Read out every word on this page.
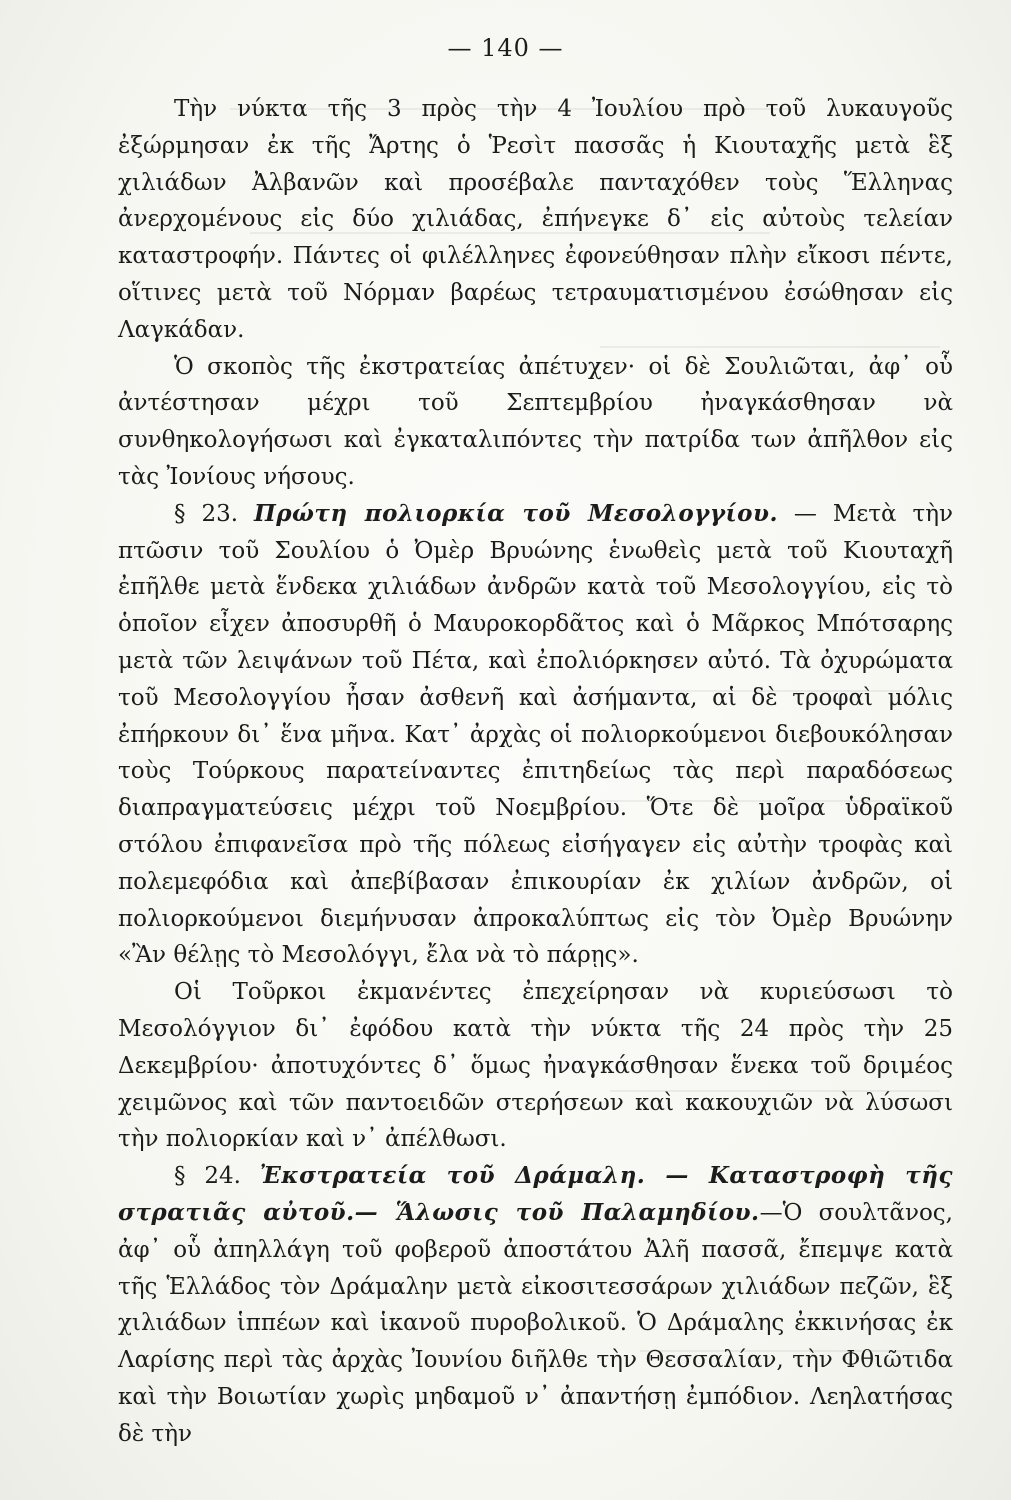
— 140 —

Τὴν νύκτα τῆς 3 πρὸς τὴν 4 Ἰουλίου πρὸ τοῦ λυκαυγοῦς ἐξώρμησαν ἐκ τῆς Ἄρτης ὁ Ῥεσὶτ πασσᾶς ἡ Κιουταχῆς μετὰ ἓξ χιλιάδων Ἀλβανῶν καὶ προσέβαλε πανταχόθεν τοὺς Ἕλληνας ἀνερχομένους εἰς δύο χιλιάδας, ἐπήνεγκε δ᾿ εἰς αὐτοὺς τελείαν καταστροφήν. Πάντες οἱ φιλέλληνες ἐφονεύθησαν πλὴν εἴκοσι πέντε, οἵτινες μετὰ τοῦ Νόρμαν βαρέως τετραυματισμένου ἐσώθησαν εἰς Λαγκάδαν.

Ὁ σκοπὸς τῆς ἐκστρατείας ἀπέτυχεν· οἱ δὲ Σουλιῶται, ἀφ᾿ οὗ ἀντέστησαν μέχρι τοῦ Σεπτεμβρίου ἠναγκάσθησαν νὰ συνθηκολογήσωσι καὶ ἐγκαταλιπόντες τὴν πατρίδα των ἀπῆλθον εἰς τὰς Ἰονίους νήσους.

§ 23. Πρώτη πολιορκία τοῦ Μεσολογγίου. — Μετὰ τὴν πτῶσιν τοῦ Σουλίου ὁ Ὀμὲρ Βρυώνης ἑνωθεὶς μετὰ τοῦ Κιουταχῆ ἐπῆλθε μετὰ ἕνδεκα χιλιάδων ἀνδρῶν κατὰ τοῦ Μεσολογγίου, εἰς τὸ ὁποῖον εἶχεν ἀποσυρθῆ ὁ Μαυροκορδᾶτος καὶ ὁ Μᾶρκος Μπότσαρης μετὰ τῶν λειψάνων τοῦ Πέτα, καὶ ἐπολιόρκησεν αὐτό. Τὰ ὀχυρώματα τοῦ Μεσολογγίου ἦσαν ἀσθενῆ καὶ ἀσήμαντα, αἱ δὲ τροφαὶ μόλις ἐπήρκουν δι᾿ ἕνα μῆνα. Κατ᾿ ἀρχὰς οἱ πολιορκούμενοι διεβουκόλησαν τοὺς Τούρκους παρατείναντες ἐπιτηδείως τὰς περὶ παραδόσεως διαπραγματεύσεις μέχρι τοῦ Νοεμβρίου. Ὅτε δὲ μοῖρα ὑδραϊκοῦ στόλου ἐπιφανεῖσα πρὸ τῆς πόλεως εἰσήγαγεν εἰς αὐτὴν τροφὰς καὶ πολεμεφόδια καὶ ἀπεβίβασαν ἐπικουρίαν ἐκ χιλίων ἀνδρῶν, οἱ πολιορκούμενοι διεμήνυσαν ἀπροκαλύπτως εἰς τὸν Ὀμὲρ Βρυώνην «Ἂν θέλῃς τὸ Μεσολόγγι, ἔλα νὰ τὸ πάρῃς».

Οἱ Τοῦρκοι ἐκμανέντες ἐπεχείρησαν νὰ κυριεύσωσι τὸ Μεσολόγγιον δι᾿ ἐφόδου κατὰ τὴν νύκτα τῆς 24 πρὸς τὴν 25 Δεκεμβρίου· ἀποτυχόντες δ᾿ ὅμως ἠναγκάσθησαν ἕνεκα τοῦ δριμέος χειμῶνος καὶ τῶν παντοειδῶν στερήσεων καὶ κακουχιῶν νὰ λύσωσι τὴν πολιορκίαν καὶ ν᾿ ἀπέλθωσι.

§ 24. Ἐκστρατεία τοῦ Δράμαλη. — Καταστροφὴ τῆς στρατιᾶς αὐτοῦ.— Ἅλωσις τοῦ Παλαμηδίου.—Ὁ σουλτᾶνος, ἀφ᾿ οὗ ἀπηλλάγη τοῦ φοβεροῦ ἀποστάτου Ἀλῆ πασσᾶ, ἔπεμψε κατὰ τῆς Ἑλλάδος τὸν Δράμαλην μετὰ εἰκοσιτεσσάρων χιλιάδων πεζῶν, ἓξ χιλιάδων ἱππέων καὶ ἱκανοῦ πυροβολικοῦ. Ὁ Δράμαλης ἐκκινήσας ἐκ Λαρίσης περὶ τὰς ἀρχὰς Ἰουνίου διῆλθε τὴν Θεσσαλίαν, τὴν Φθιῶτιδα καὶ τὴν Βοιωτίαν χωρὶς μηδαμοῦ ν᾿ ἀπαντήσῃ ἐμπόδιον. Λεηλατήσας δὲ τὴν
